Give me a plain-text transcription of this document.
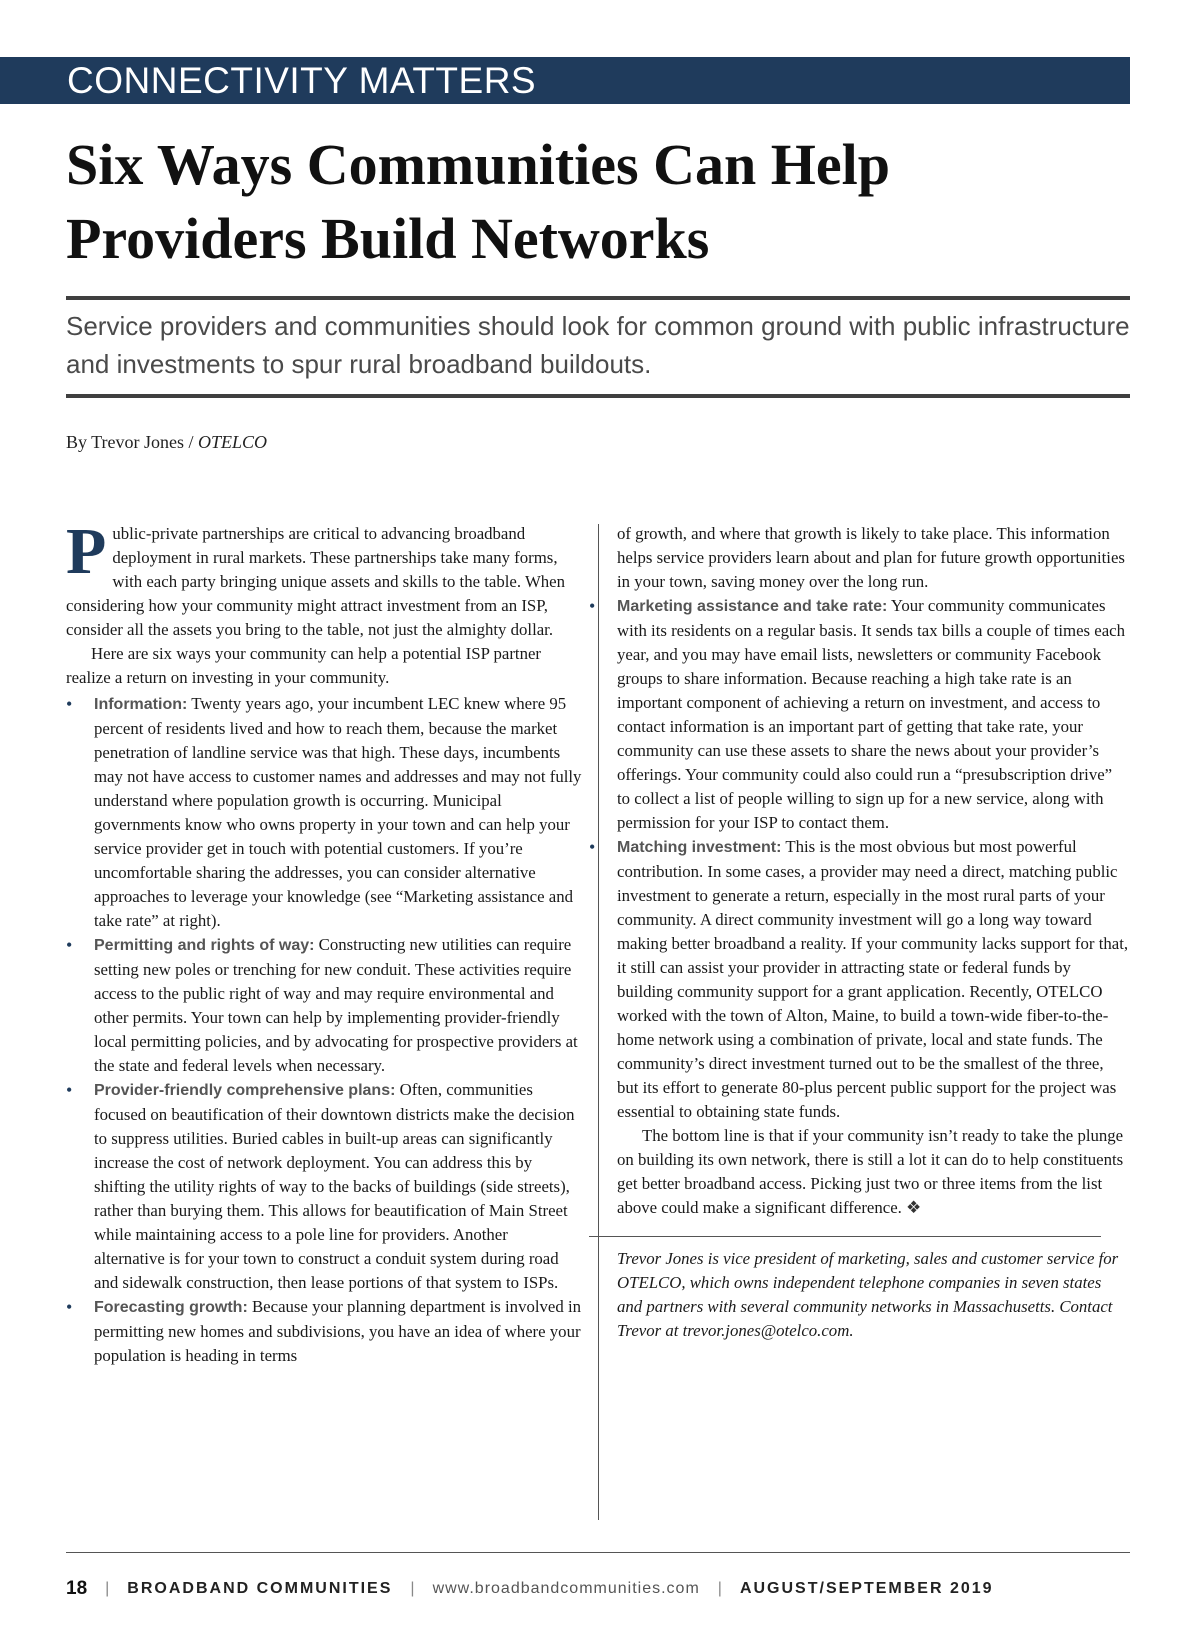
CONNECTIVITY MATTERS
Six Ways Communities Can Help Providers Build Networks
Service providers and communities should look for common ground with public infrastructure and investments to spur rural broadband buildouts.
By Trevor Jones / OTELCO

Public-private partnerships are critical to advancing broadband deployment in rural markets. These partnerships take many forms, with each party bringing unique assets and skills to the table. When considering how your community might attract investment from an ISP, consider all the assets you bring to the table, not just the almighty dollar.

Here are six ways your community can help a potential ISP partner realize a return on investing in your community.

• Information: Twenty years ago, your incumbent LEC knew where 95 percent of residents lived and how to reach them, because the market penetration of landline service was that high. These days, incumbents may not have access to customer names and addresses and may not fully understand where population growth is occurring. Municipal governments know who owns property in your town and can help your service provider get in touch with potential customers. If you’re uncomfortable sharing the addresses, you can consider alternative approaches to leverage your knowledge (see “Marketing assistance and take rate” at right).
• Permitting and rights of way: Constructing new utilities can require setting new poles or trenching for new conduit. These activities require access to the public right of way and may require environmental and other permits. Your town can help by implementing provider-friendly local permitting policies, and by advocating for prospective providers at the state and federal levels when necessary.
• Provider-friendly comprehensive plans: Often, communities focused on beautification of their downtown districts make the decision to suppress utilities. Buried cables in built-up areas can significantly increase the cost of network deployment. You can address this by shifting the utility rights of way to the backs of buildings (side streets), rather than burying them. This allows for beautification of Main Street while maintaining access to a pole line for providers. Another alternative is for your town to construct a conduit system during road and sidewalk construction, then lease portions of that system to ISPs.
• Forecasting growth: Because your planning department is involved in permitting new homes and subdivisions, you have an idea of where your population is heading in terms

of growth, and where that growth is likely to take place. This information helps service providers learn about and plan for future growth opportunities in your town, saving money over the long run.

• Marketing assistance and take rate: Your community communicates with its residents on a regular basis. It sends tax bills a couple of times each year, and you may have email lists, newsletters or community Facebook groups to share information. Because reaching a high take rate is an important component of achieving a return on investment, and access to contact information is an important part of getting that take rate, your community can use these assets to share the news about your provider’s offerings. Your community could also could run a “presubscription drive” to collect a list of people willing to sign up for a new service, along with permission for your ISP to contact them.
• Matching investment: This is the most obvious but most powerful contribution. In some cases, a provider may need a direct, matching public investment to generate a return, especially in the most rural parts of your community. A direct community investment will go a long way toward making better broadband a reality. If your community lacks support for that, it still can assist your provider in attracting state or federal funds by building community support for a grant application. Recently, OTELCO worked with the town of Alton, Maine, to build a town-wide fiber-to-the-home network using a combination of private, local and state funds. The community’s direct investment turned out to be the smallest of the three, but its effort to generate 80-plus percent public support for the project was essential to obtaining state funds.

The bottom line is that if your community isn’t ready to take the plunge on building its own network, there is still a lot it can do to help constituents get better broadband access. Picking just two or three items from the list above could make a significant difference. ❖

Trevor Jones is vice president of marketing, sales and customer service for OTELCO, which owns independent telephone companies in seven states and partners with several community networks in Massachusetts. Contact Trevor at trevor.jones@otelco.com.

18 | BROADBAND COMMUNITIES | www.broadbandcommunities.com | AUGUST/SEPTEMBER 2019
